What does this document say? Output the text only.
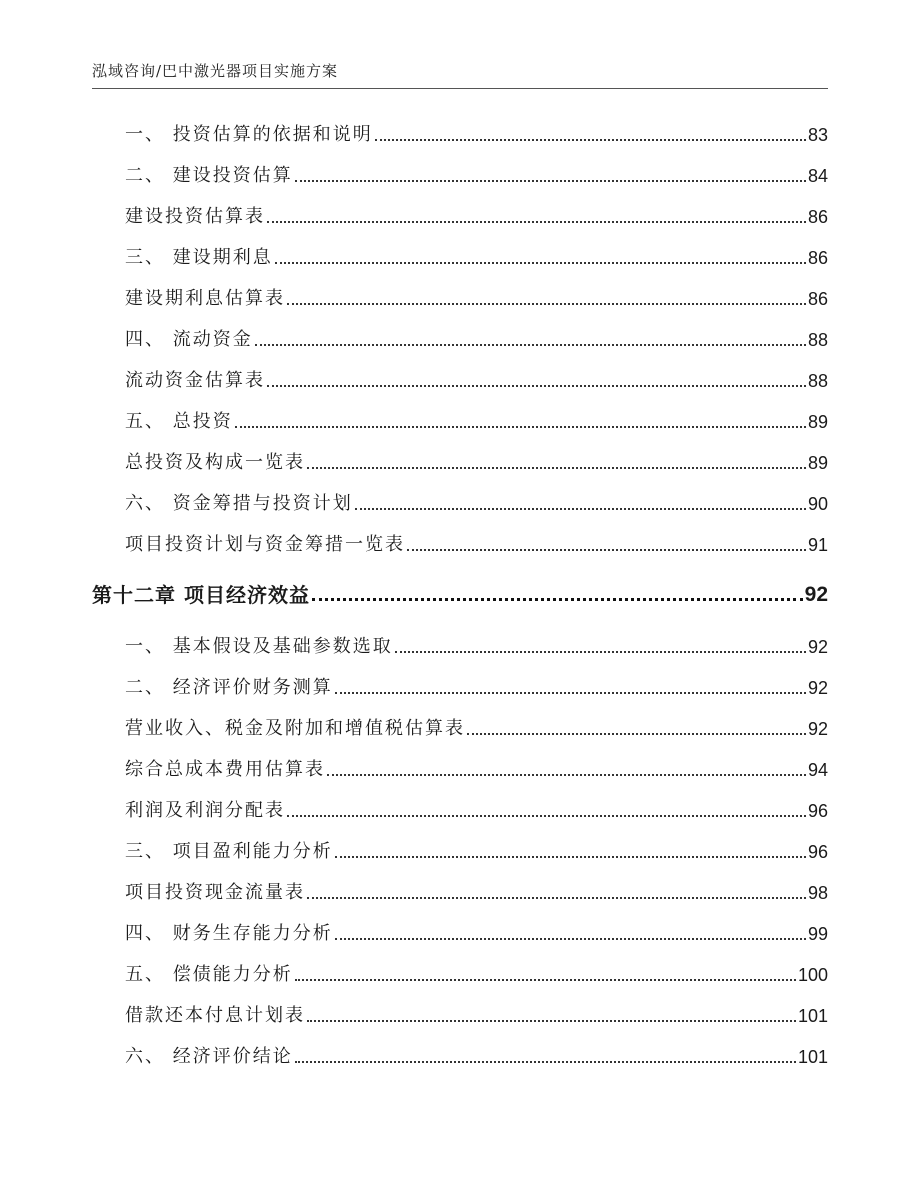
泓域咨询/巴中激光器项目实施方案
一、 投资估算的依据和说明	83
二、 建设投资估算	84
建设投资估算表	86
三、 建设期利息	86
建设期利息估算表	86
四、 流动资金	88
流动资金估算表	88
五、 总投资	89
总投资及构成一览表	89
六、 资金筹措与投资计划	90
项目投资计划与资金筹措一览表	91
第十二章 项目经济效益	92
一、 基本假设及基础参数选取	92
二、 经济评价财务测算	92
营业收入、税金及附加和增值税估算表	92
综合总成本费用估算表	94
利润及利润分配表	96
三、 项目盈利能力分析	96
项目投资现金流量表	98
四、 财务生存能力分析	99
五、 偿债能力分析	100
借款还本付息计划表	101
六、 经济评价结论	101
